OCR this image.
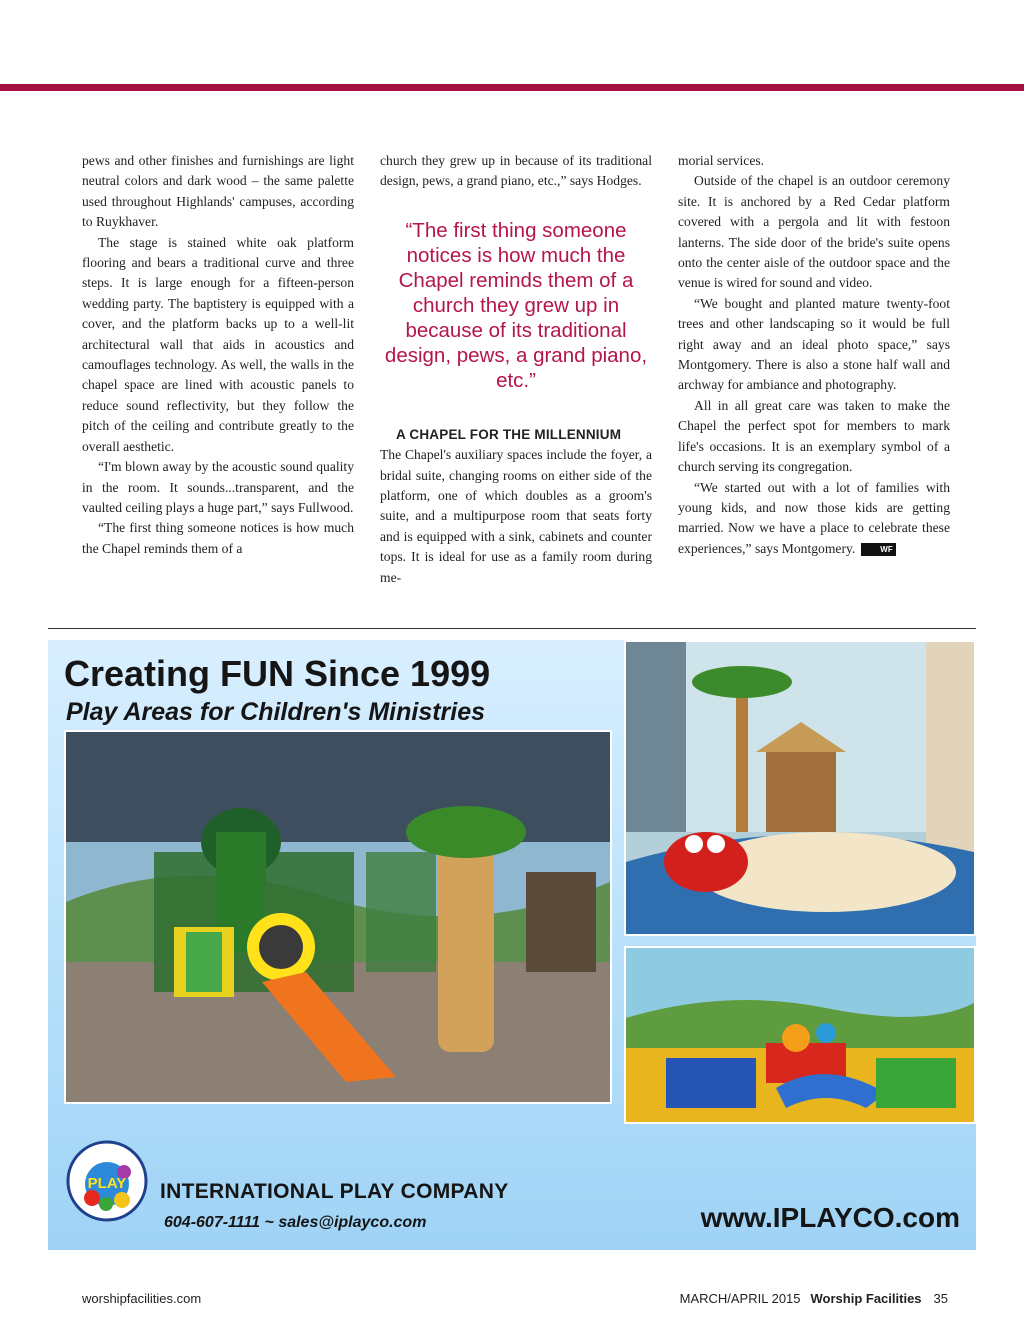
pews and other finishes and furnishings are light neutral colors and dark wood – the same palette used throughout Highlands' campuses, according to Ruykhaver.

The stage is stained white oak platform flooring and bears a traditional curve and three steps. It is large enough for a fifteen-person wedding party. The baptistery is equipped with a cover, and the platform backs up to a well-lit architectural wall that aids in acoustics and camouflages technology. As well, the walls in the chapel space are lined with acoustic panels to reduce sound reflectivity, but they follow the pitch of the ceiling and contribute greatly to the overall aesthetic.

“I'm blown away by the acoustic sound quality in the room. It sounds...transparent, and the vaulted ceiling plays a huge part,” says Fullwood.

“The first thing someone notices is how much the Chapel reminds them of a

church they grew up in because of its traditional design, pews, a grand piano, etc.,” says Hodges.

“The first thing someone notices is how much the Chapel reminds them of a church they grew up in because of its traditional design, pews, a grand piano, etc.”

A CHAPEL FOR THE MILLENNIUM

The Chapel's auxiliary spaces include the foyer, a bridal suite, changing rooms on either side of the platform, one of which doubles as a groom's suite, and a multipurpose room that seats forty and is equipped with a sink, cabinets and counter tops. It is ideal for use as a family room during me-

morial services.

Outside of the chapel is an outdoor ceremony site. It is anchored by a Red Cedar platform covered with a pergola and lit with festoon lanterns. The side door of the bride's suite opens onto the center aisle of the outdoor space and the venue is wired for sound and video.

“We bought and planted mature twenty-foot trees and other landscaping so it would be full right away and an ideal photo space,” says Montgomery. There is also a stone half wall and archway for ambiance and photography.

All in all great care was taken to make the Chapel the perfect spot for members to mark life's occasions. It is an exemplary symbol of a church serving its congregation.

“We started out with a lot of families with young kids, and now those kids are getting married. Now we have a place to celebrate these experiences,” says Montgomery.	WF

Creating FUN Since 1999
Play Areas for Children's Ministries
PLAY INTERNATIONAL PLAY COMPANY

604-607-1111 ~ sales@iplayco.com	www.IPLAYCO.com

worshipfacilities.com	MARCH/APRIL 2015 Worship Facilities 35
